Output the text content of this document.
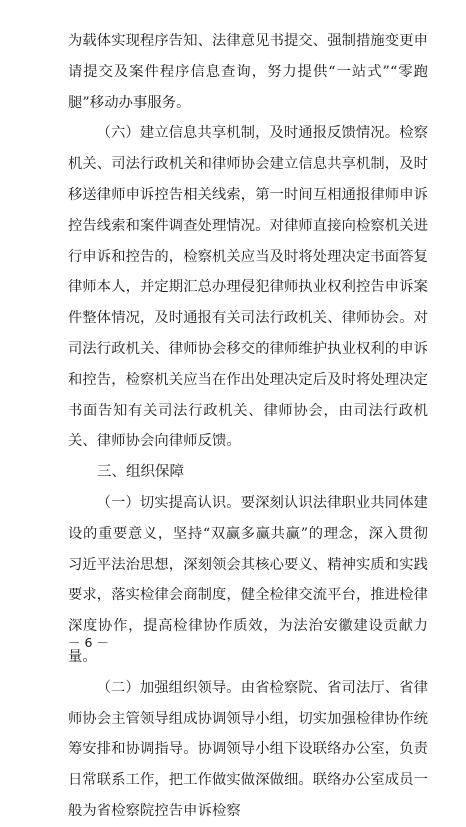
为载体实现程序告知、法律意见书提交、强制措施变更申请提交及案件程序信息查询，努力提供“一站式”“零跑腿”移动办事服务。

（六）建立信息共享机制，及时通报反馈情况。检察机关、司法行政机关和律师协会建立信息共享机制，及时移送律师申诉控告相关线索，第一时间互相通报律师申诉控告线索和案件调查处理情况。对律师直接向检察机关进行申诉和控告的，检察机关应当及时将处理决定书面答复律师本人，并定期汇总办理侵犯律师执业权利控告申诉案件整体情况，及时通报有关司法行政机关、律师协会。对司法行政机关、律师协会移交的律师维护执业权利的申诉和控告，检察机关应当在作出处理决定后及时将处理决定书面告知有关司法行政机关、律师协会，由司法行政机关、律师协会向律师反馈。

三、组织保障

（一）切实提高认识。要深刻认识法律职业共同体建设的重要意义，坚持“双赢多赢共赢”的理念，深入贯彻习近平法治思想，深刻领会其核心要义、精神实质和实践要求，落实检律会商制度，健全检律交流平台，推进检律深度协作，提高检律协作质效，为法治安徽建设贡献力量。

（二）加强组织领导。由省检察院、省司法厅、省律师协会主管领导组成协调领导小组，切实加强检律协作统筹安排和协调指导。协调领导小组下设联络办公室，负责日常联系工作，把工作做实做深做细。联络办公室成员一般为省检察院控告申诉检察

－ 6 －
